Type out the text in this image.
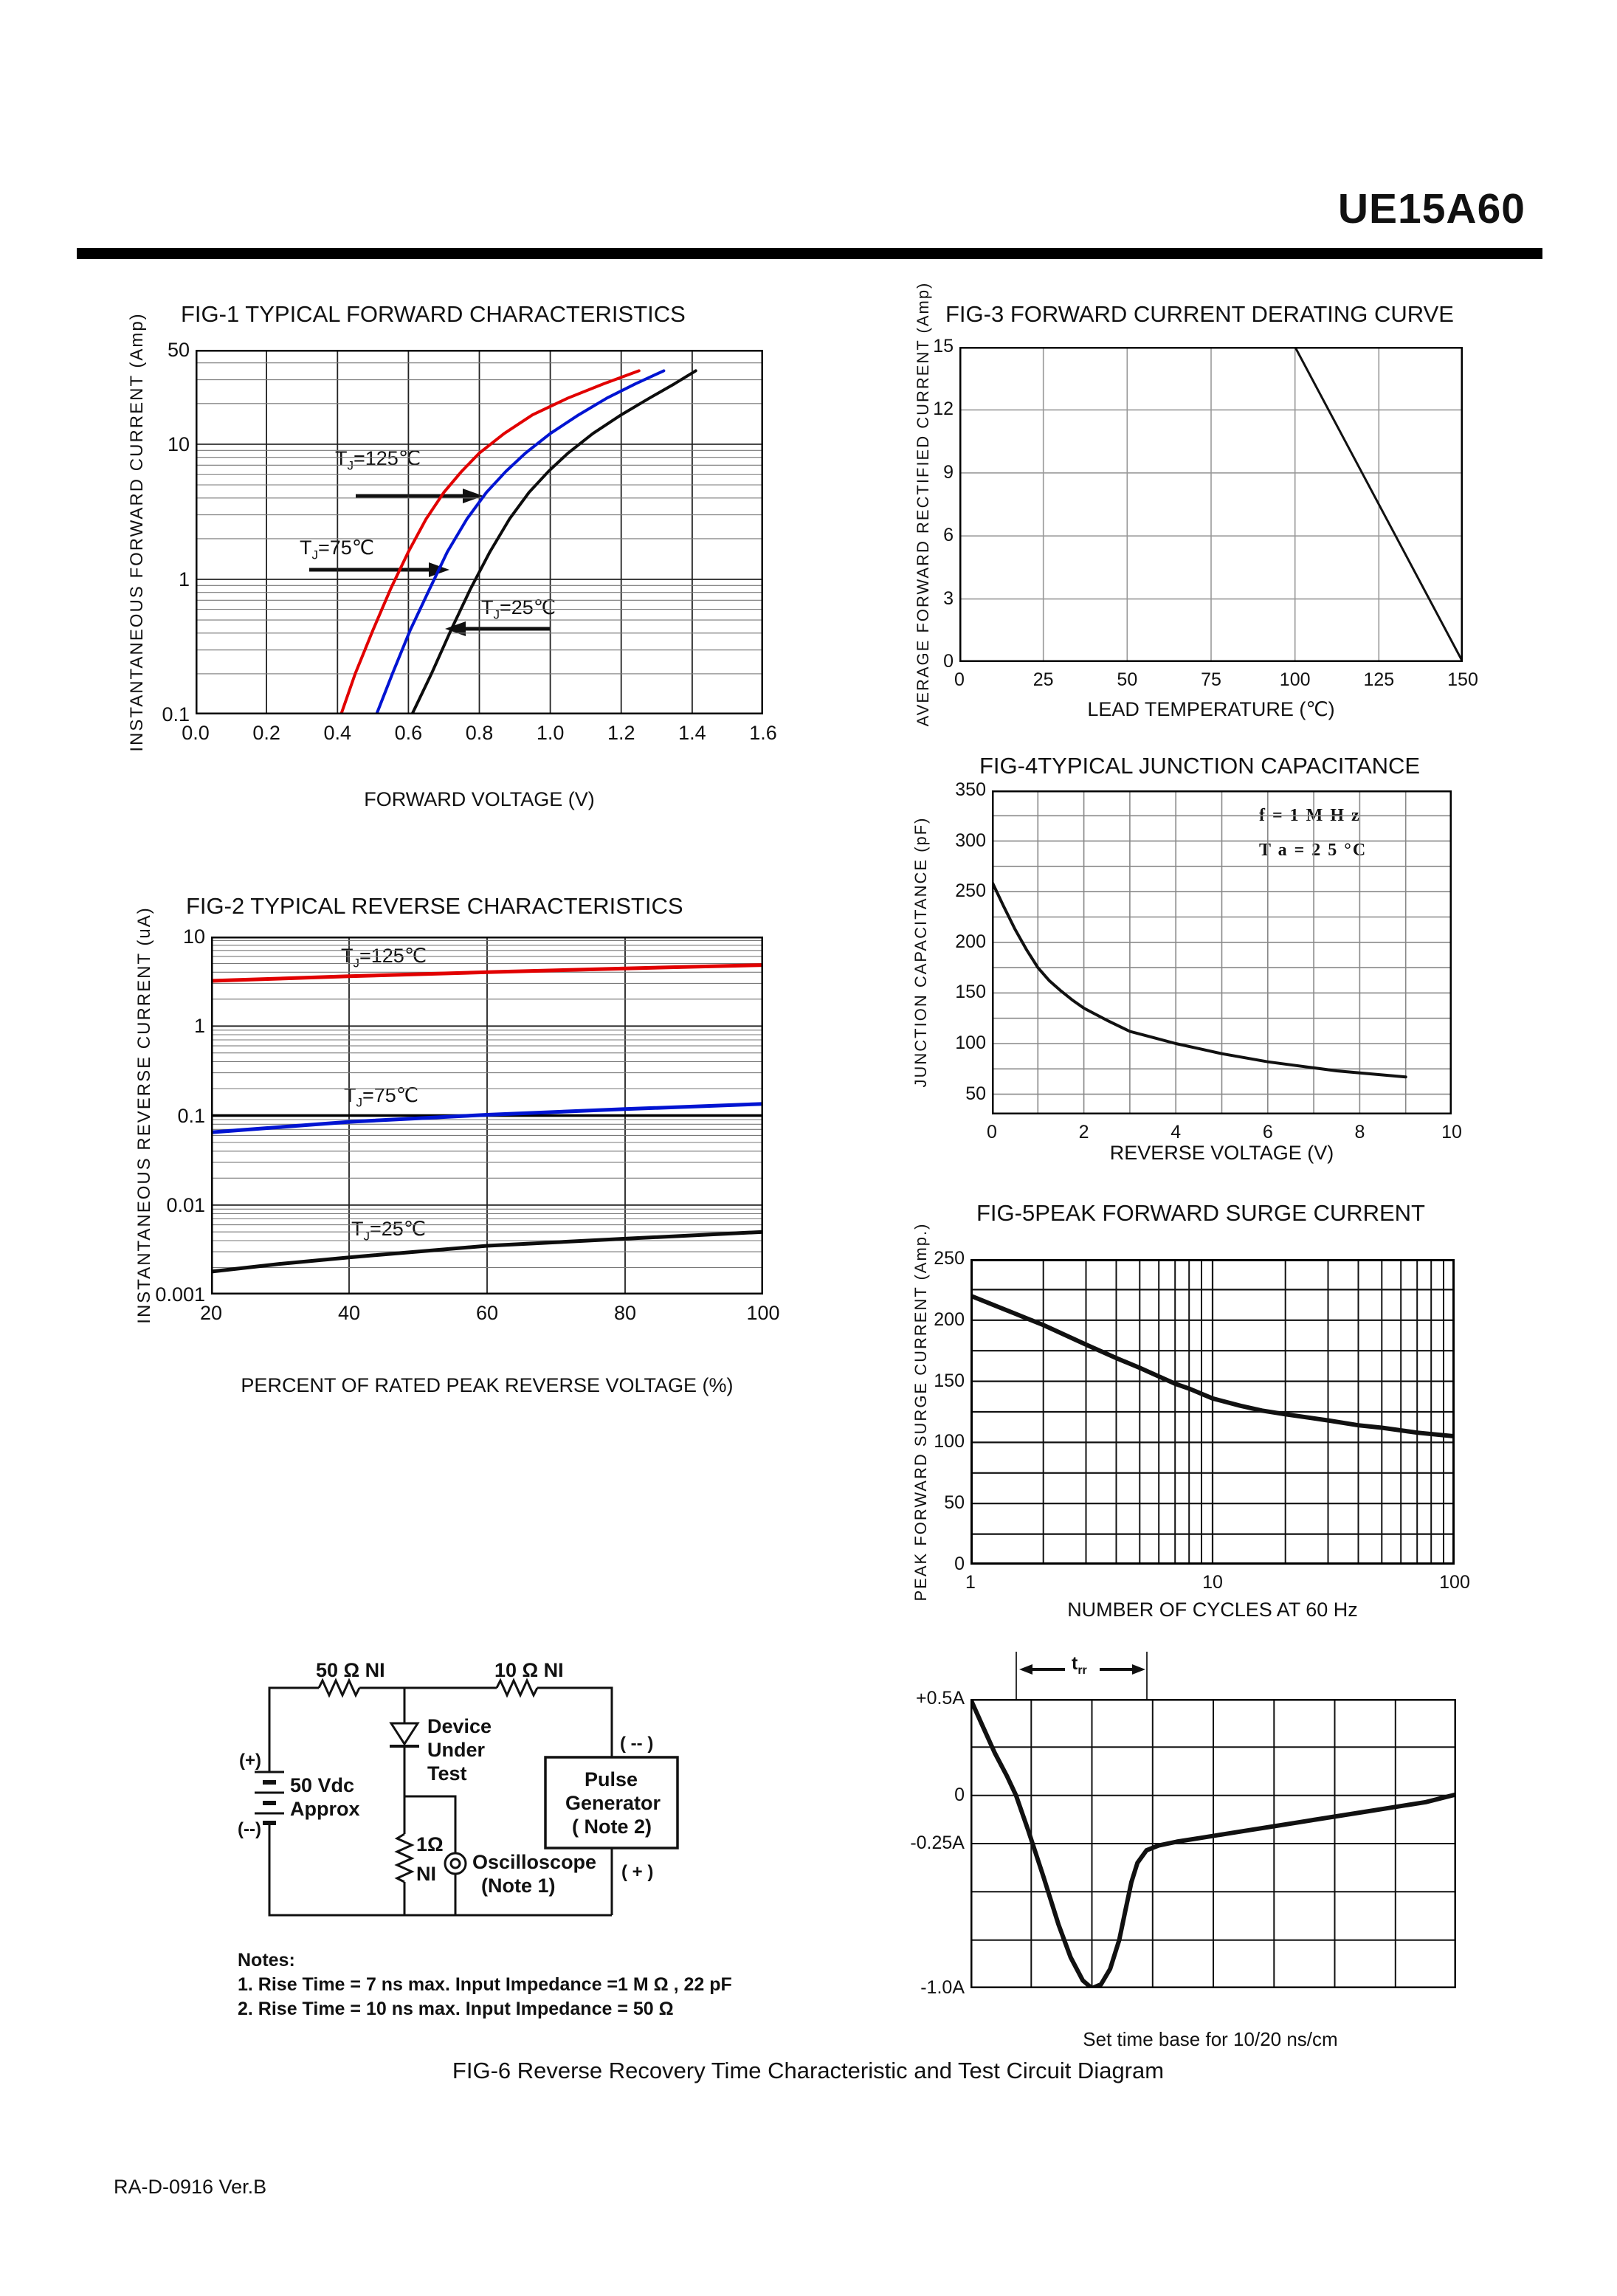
UE15A60
FIG-1 TYPICAL FORWARD CHARACTERISTICS
INSTANTANEOUS FORWARD CURRENT (Amp)
FORWARD VOLTAGE (V)
$T_J=125℃$
$T_J=75℃$
$T_J=25℃$
FIG-2 TYPICAL REVERSE CHARACTERISTICS
INSTANTANEOUS REVERSE CURRENT (uA)
PERCENT OF RATED PEAK REVERSE VOLTAGE (%)
$T_J=125℃$
$T_J=75℃$
$T_J=25℃$
FIG-3 FORWARD CURRENT DERATING CURVE
AVERAGE FORWARD RECTIFIED CURRENT (Amp)	LEAD TEMPERATURE (℃)
FIG-4TYPICAL JUNCTION CAPACITANCE
JUNCTION CAPACITANCE (pF)
REVERSE VOLTAGE (V)
f = 1 M H z
T a = 2 5 °C
FIG-5PEAK FORWARD SURGE CURRENT
PEAK FORWARD SURGE CURRENT (Amp.)
NUMBER OF CYCLES AT 60 Hz
$t_{rr}$
Set time base for 10/20 ns/cm
50 Ω NI	10 Ω NI
Device
Under
Test
(+)
(--)
50 Vdc
Approx
1Ω
NI
Oscilloscope
(Note 1)
Pulse
Generator
( Note 2)
( -- )
( + )
Notes:
1. Rise Time = 7 ns max. Input Impedance =1 M Ω , 22 pF
2. Rise Time = 10 ns max. Input Impedance = 50 Ω
FIG-6 Reverse Recovery Time Characteristic and Test Circuit Diagram
RA-D-0916 Ver.B
0.0	0.2	0.4	0.6	0.8	1.0	1.2	1.4	1.6
50
10
1
0.1
20	40	60	80	100
10
1
0.1
0.01
0.001
0	25	50	75	100	125	150
0
3
6
9
12
15
0	2	4	6	8	10
350
300
250
200
150
100
50
1	10	100
0
50
100
150
200
250
+0.5A
0
-0.25A
-1.0A
